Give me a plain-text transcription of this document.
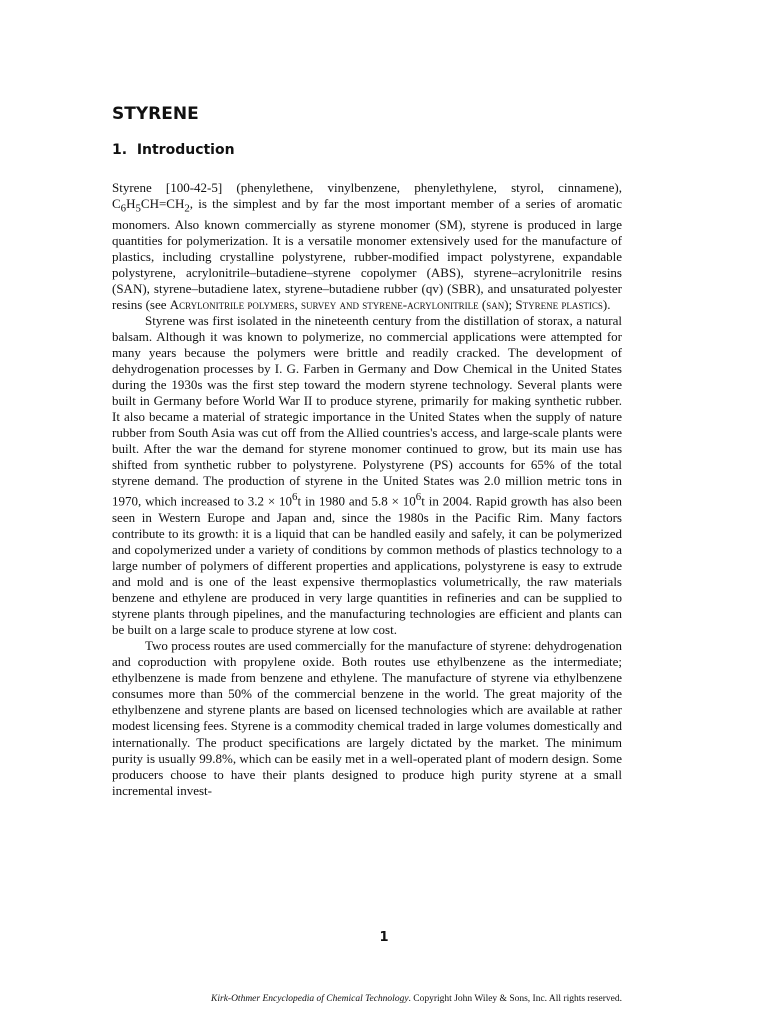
STYRENE
1. Introduction

Styrene [100-42-5] (phenylethene, vinylbenzene, phenylethylene, styrol, cinnamene), $C_6H_5CH=CH_2$, is the simplest and by far the most important member of a series of aromatic monomers. Also known commercially as styrene monomer (SM), styrene is produced in large quantities for polymerization. It is a versatile monomer extensively used for the manufacture of plastics, including crystalline polystyrene, rubber-modified impact polystyrene, expandable polystyrene, acrylonitrile–butadiene–styrene copolymer (ABS), styrene–acrylonitrile resins (SAN), styrene–butadiene latex, styrene–butadiene rubber (qv) (SBR), and unsaturated polyester resins (see Acrylonitrile polymers, survey and styrene-acrylonitrile (san); Styrene plastics).

Styrene was first isolated in the nineteenth century from the distillation of storax, a natural balsam. Although it was known to polymerize, no commercial applications were attempted for many years because the polymers were brittle and readily cracked. The development of dehydrogenation processes by I. G. Farben in Germany and Dow Chemical in the United States during the 1930s was the first step toward the modern styrene technology. Several plants were built in Germany before World War II to produce styrene, primarily for making synthetic rubber. It also became a material of strategic importance in the United States when the supply of nature rubber from South Asia was cut off from the Allied countries's access, and large-scale plants were built. After the war the demand for styrene monomer continued to grow, but its main use has shifted from synthetic rubber to polystyrene. Polystyrene (PS) accounts for 65% of the total styrene demand. The production of styrene in the United States was 2.0 million metric tons in 1970, which increased to $3.2 \times 10^6t$ in 1980 and $5.8 \times 10^6t$ in 2004. Rapid growth has also been seen in Western Europe and Japan and, since the 1980s in the Pacific Rim. Many factors contribute to its growth: it is a liquid that can be handled easily and safely, it can be polymerized and copolymerized under a variety of conditions by common methods of plastics technology to a large number of polymers of different properties and applications, polystyrene is easy to extrude and mold and is one of the least expensive thermoplastics volumetrically, the raw materials benzene and ethylene are produced in very large quantities in refineries and can be supplied to styrene plants through pipelines, and the manufacturing technologies are efficient and plants can be built on a large scale to produce styrene at low cost.

Two process routes are used commercially for the manufacture of styrene: dehydrogenation and coproduction with propylene oxide. Both routes use ethylbenzene as the intermediate; ethylbenzene is made from benzene and ethylene. The manufacture of styrene via ethylbenzene consumes more than 50% of the commercial benzene in the world. The great majority of the ethylbenzene and styrene plants are based on licensed technologies which are available at rather modest licensing fees. Styrene is a commodity chemical traded in large volumes domestically and internationally. The product specifications are largely dictated by the market. The minimum purity is usually 99.8%, which can be easily met in a well-operated plant of modern design. Some producers choose to have their plants designed to produce high purity styrene at a small incremental invest-

1
Kirk-Othmer Encyclopedia of Chemical Technology. Copyright John Wiley & Sons, Inc. All rights reserved.
